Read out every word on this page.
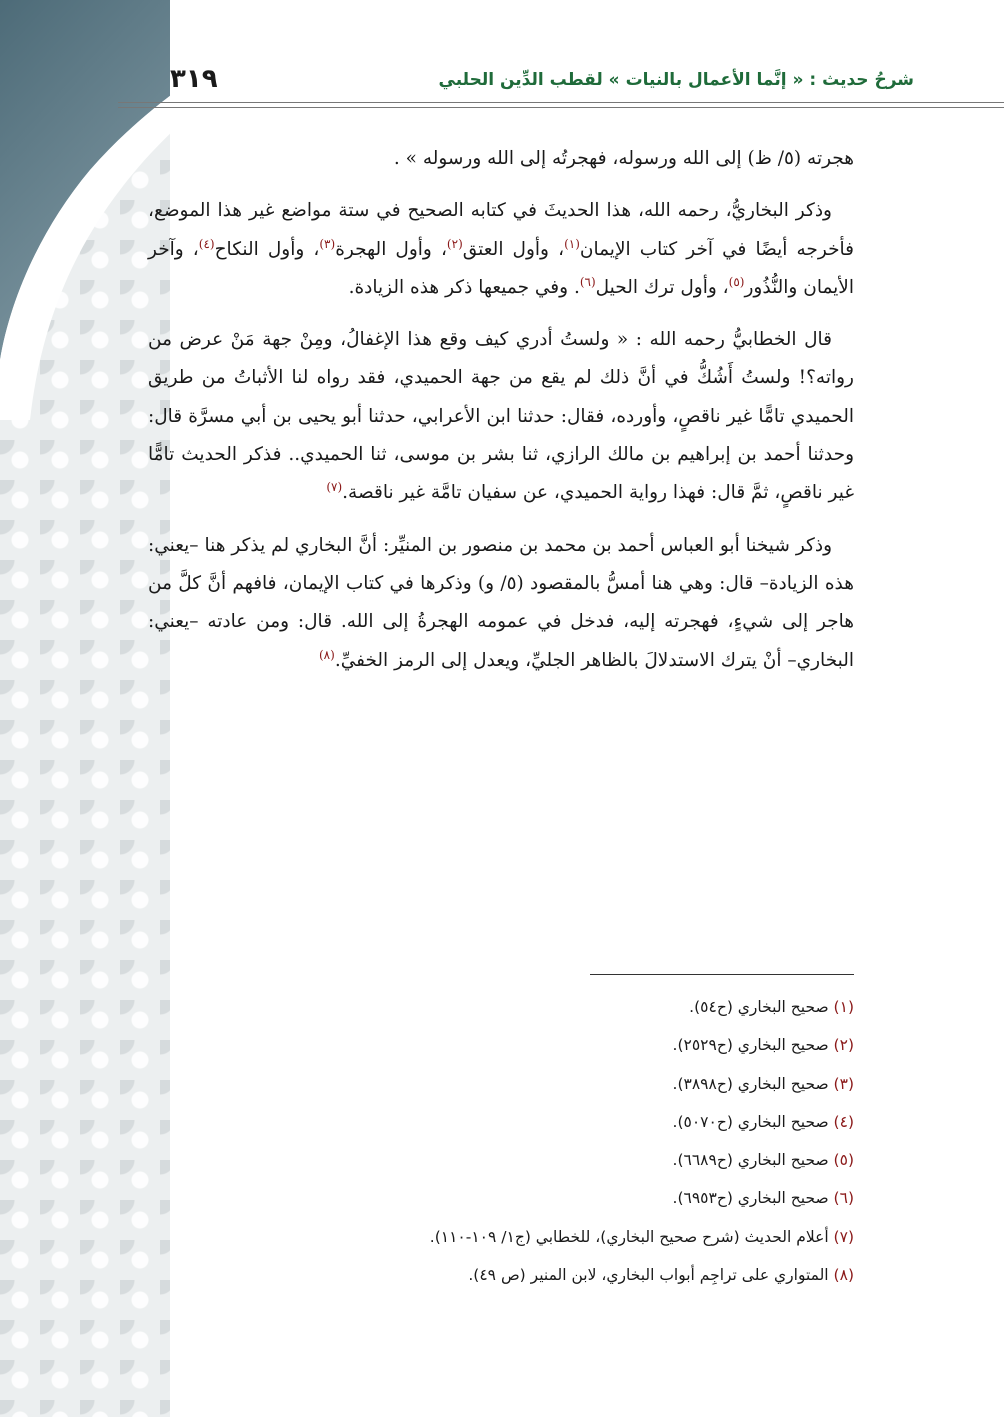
شرحُ حديث : « إنَّما الأعمال بالنيات » لقطب الدِّين الحلبي
٣١٩

هجرته (٥/ ظ) إلى الله ورسوله، فهجرتُه إلى الله ورسوله » .

وذكر البخاريُّ، رحمه الله، هذا الحديثَ في كتابه الصحيح في ستة مواضع غير هذا الموضع، فأخرجه أيضًا في آخر كتاب الإيمان$^{(١)}$، وأول العتق$^{(٢)}$، وأول الهجرة$^{(٣)}$، وأول النكاح$^{(٤)}$، وآخر الأيمان والنُّذُور$^{(٥)}$، وأول ترك الحيل$^{(٦)}$. وفي جميعها ذكر هذه الزيادة.

قال الخطابيُّ رحمه الله : « ولستُ أدري كيف وقع هذا الإغفالُ، ومِنْ جهة مَنْ عرض من رواته؟! ولستُ أَشُكُّ في أنَّ ذلك لم يقع من جهة الحميدي، فقد رواه لنا الأثباتُ من طريق الحميدي تامًّا غير ناقصٍ، وأورده، فقال: حدثنا ابن الأعرابي، حدثنا أبو يحيى بن أبي مسرَّة قال: وحدثنا أحمد بن إبراهيم بن مالك الرازي، ثنا بشر بن موسى، ثنا الحميدي.. فذكر الحديث تامًّا غير ناقصٍ، ثمَّ قال: فهذا رواية الحميدي، عن سفيان تامَّة غير ناقصة.$^{(٧)}$

وذكر شيخنا أبو العباس أحمد بن محمد بن منصور بن المنيِّر: أنَّ البخاري لم يذكر هنا –يعني: هذه الزيادة– قال: وهي هنا أمسُّ بالمقصود (٥/ و) وذكرها في كتاب الإيمان، فافهم أنَّ كلَّ من هاجر إلى شيءٍ، فهجرته إليه، فدخل في عمومه الهجرةُ إلى الله. قال: ومن عادته –يعني: البخاري– أنْ يترك الاستدلالَ بالظاهر الجليِّ، ويعدل إلى الرمز الخفيِّ.$^{(٨)}$

(١) صحيح البخاري (ح٥٤).
(٢) صحيح البخاري (ح٢٥٢٩).
(٣) صحيح البخاري (ح٣٨٩٨).
(٤) صحيح البخاري (ح٥٠٧٠).
(٥) صحيح البخاري (ح٦٦٨٩).
(٦) صحيح البخاري (ح٦٩٥٣).
(٧) أعلام الحديث (شرح صحيح البخاري)، للخطابي (ج١/ ١٠٩-١١٠).
(٨) المتواري على تراجِم أبواب البخاري، لابن المنير (ص ٤٩).
